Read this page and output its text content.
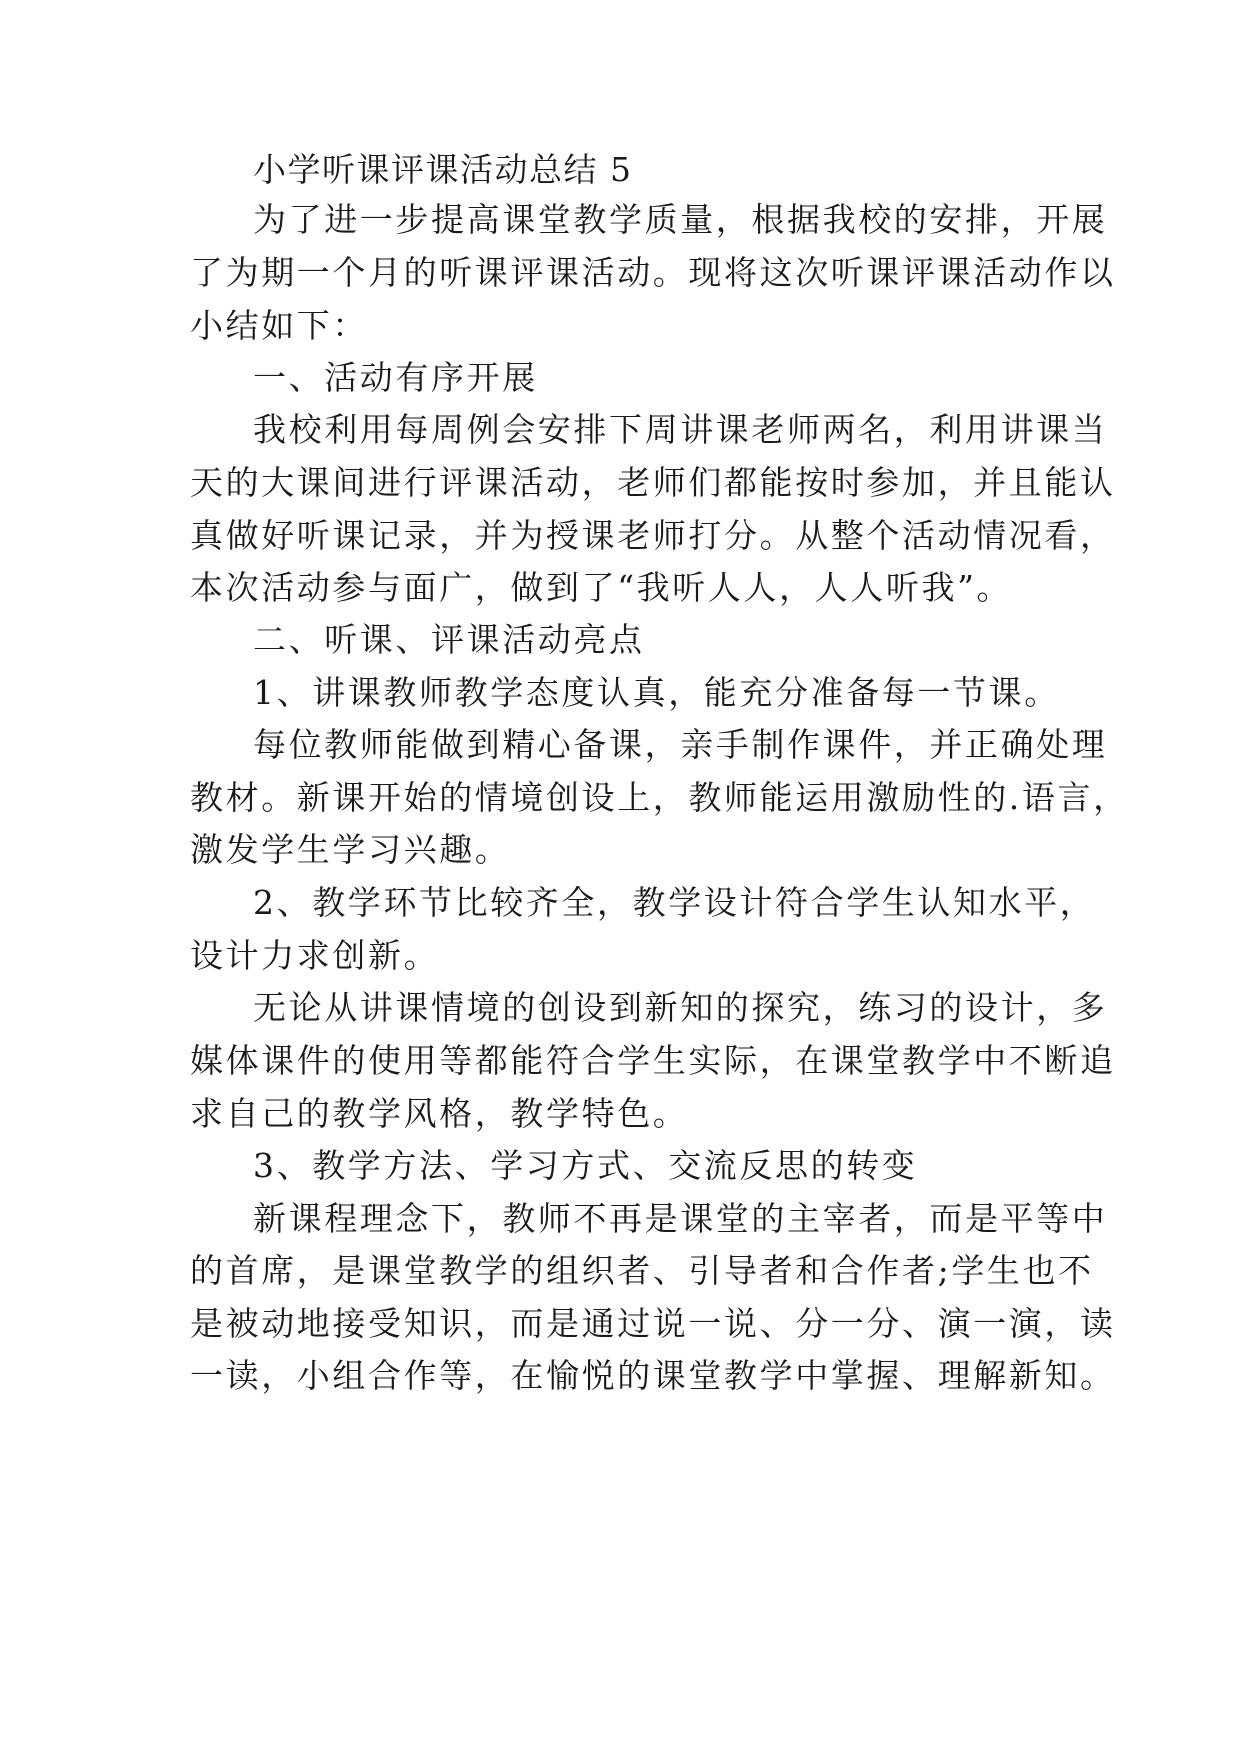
小学听课评课活动总结 5

为了进一步提高课堂教学质量，根据我校的安排，开展

了为期一个月的听课评课活动。现将这次听课评课活动作以

小结如下：

一、活动有序开展

我校利用每周例会安排下周讲课老师两名，利用讲课当

天的大课间进行评课活动，老师们都能按时参加，并且能认

真做好听课记录，并为授课老师打分。从整个活动情况看，

本次活动参与面广，做到了“我听人人，人人听我”。

二、听课、评课活动亮点

1、讲课教师教学态度认真，能充分准备每一节课。

每位教师能做到精心备课，亲手制作课件，并正确处理

教材。新课开始的情境创设上，教师能运用激励性的.语言，

激发学生学习兴趣。

2、教学环节比较齐全，教学设计符合学生认知水平，

设计力求创新。

无论从讲课情境的创设到新知的探究，练习的设计，多

媒体课件的使用等都能符合学生实际，在课堂教学中不断追

求自己的教学风格，教学特色。

3、教学方法、学习方式、交流反思的转变

新课程理念下，教师不再是课堂的主宰者，而是平等中

的首席，是课堂教学的组织者、引导者和合作者;学生也不

是被动地接受知识，而是通过说一说、分一分、演一演，读

一读，小组合作等，在愉悦的课堂教学中掌握、理解新知。
